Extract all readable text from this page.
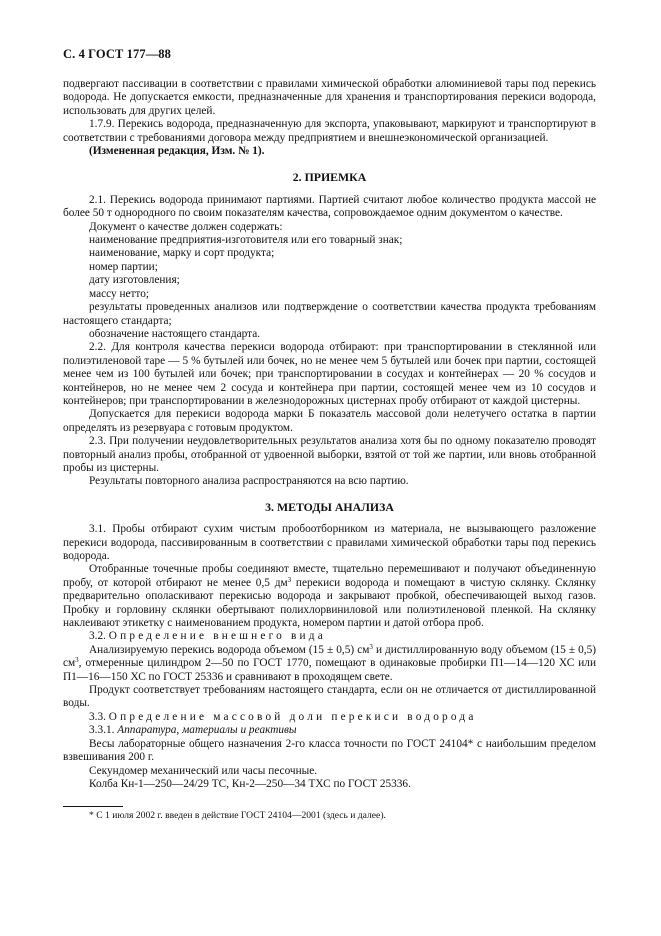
С. 4 ГОСТ 177—88

подвергают пассивации в соответствии с правилами химической обработки алюминиевой тары под перекись водорода. Не допускается емкости, предназначенные для хранения и транспортирования перекиси водорода, использовать для других целей.

1.7.9. Перекись водорода, предназначенную для экспорта, упаковывают, маркируют и транспортируют в соответствии с требованиями договора между предприятием и внешнеэкономической организацией.

(Измененная редакция, Изм. № 1).

2. ПРИЕМКА

2.1. Перекись водорода принимают партиями. Партией считают любое количество продукта массой не более 50 т однородного по своим показателям качества, сопровождаемое одним документом о качестве.

Документ о качестве должен содержать:

наименование предприятия-изготовителя или его товарный знак;

наименование, марку и сорт продукта;

номер партии;

дату изготовления;

массу нетто;

результаты проведенных анализов или подтверждение о соответствии качества продукта требованиям настоящего стандарта;

обозначение настоящего стандарта.

2.2. Для контроля качества перекиси водорода отбирают: при транспортировании в стеклянной или полиэтиленовой таре — 5 % бутылей или бочек, но не менее чем 5 бутылей или бочек при партии, состоящей менее чем из 100 бутылей или бочек; при транспортировании в сосудах и контейнерах — 20 % сосудов и контейнеров, но не менее чем 2 сосуда и контейнера при партии, состоящей менее чем из 10 сосудов и контейнеров; при транспортировании в железнодорожных цистернах пробу отбирают от каждой цистерны.

Допускается для перекиси водорода марки Б показатель массовой доли нелетучего остатка в партии определять из резервуара с готовым продуктом.

2.3. При получении неудовлетворительных результатов анализа хотя бы по одному показателю проводят повторный анализ пробы, отобранной от удвоенной выборки, взятой от той же партии, или вновь отобранной пробы из цистерны.

Результаты повторного анализа распространяются на всю партию.

3. МЕТОДЫ АНАЛИЗА

3.1. Пробы отбирают сухим чистым пробоотборником из материала, не вызывающего разложение перекиси водорода, пассивированным в соответствии с правилами химической обработки тары под перекись водорода.

Отобранные точечные пробы соединяют вместе, тщательно перемешивают и получают объединенную пробу, от которой отбирают не менее 0,5 $дм^3$ перекиси водорода и помещают в чистую склянку. Склянку предварительно ополаскивают перекисью водорода и закрывают пробкой, обеспечивающей выход газов. Пробку и горловину склянки обертывают полихлорвиниловой или полиэтиленовой пленкой. На склянку наклеивают этикетку с наименованием продукта, номером партии и датой отбора проб.

3.2. Определение внешнего вида

Анализируемую перекись водорода объемом (15 ± 0,5) $см^3$ и дистиллированную воду объемом (15 ± 0,5) $см^3$, отмеренные цилиндром 2—50 по ГОСТ 1770, помещают в одинаковые пробирки П1—14—120 ХС или П1—16—150 ХС по ГОСТ 25336 и сравнивают в проходящем свете.

Продукт соответствует требованиям настоящего стандарта, если он не отличается от дистиллированной воды.

3.3. Определение массовой доли перекиси водорода

3.3.1. Аппаратура, материалы и реактивы

Весы лабораторные общего назначения 2-го класса точности по ГОСТ 24104* с наибольшим пределом взвешивания 200 г.

Секундомер механический или часы песочные.

Колба Кн-1—250—24/29 ТС, Кн-2—250—34 ТХС по ГОСТ 25336.

* С 1 июля 2002 г. введен в действие ГОСТ 24104—2001 (здесь и далее).
